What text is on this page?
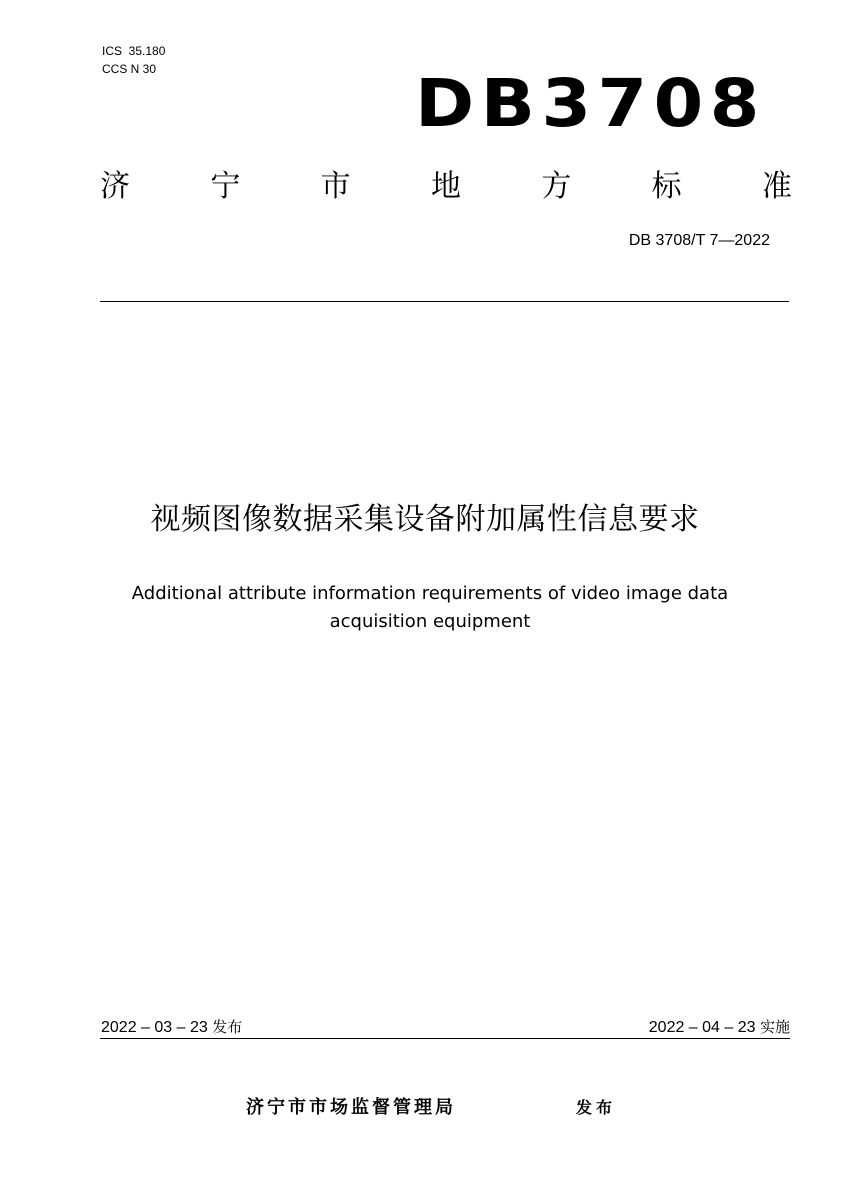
ICS  35.180
CCS N 30	DB3708
济	宁	市	地	方	标	准
DB 3708/T 7—2022
视频图像数据采集设备附加属性信息要求
Additional attribute information requirements of video image data
acquisition equipment
2022 – 03 – 23 发布	2022 – 04 – 23 实施
济宁市市场监督管理局	发布
